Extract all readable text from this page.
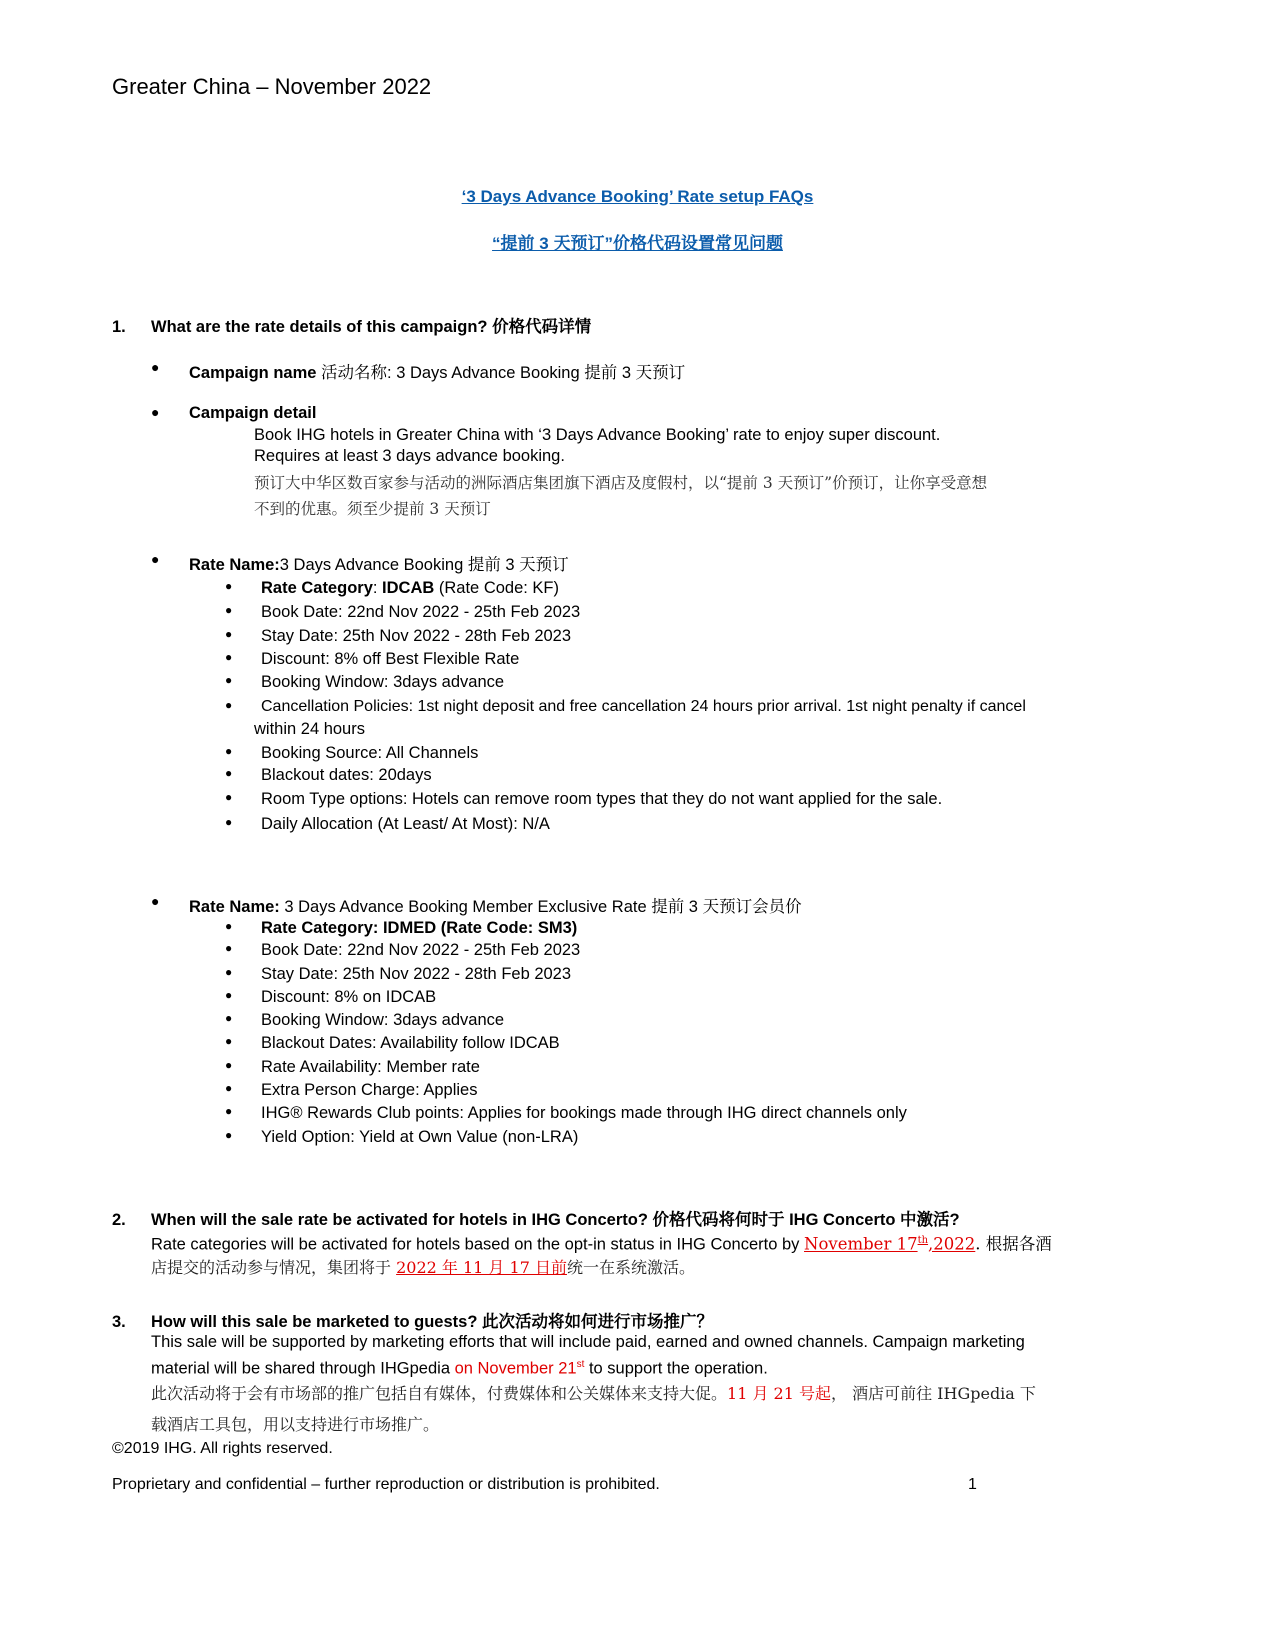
Greater China – November 2022
‘3 Days Advance Booking’ Rate setup FAQs
“提前 3 天预订”价格代码设置常见问题
1. What are the rate details of this campaign? 价格代码详情
● Campaign name 活动名称: 3 Days Advance Booking 提前 3 天预订
● Campaign detail
Book IHG hotels in Greater China with ‘3 Days Advance Booking’ rate to enjoy super discount.
Requires at least 3 days advance booking.
预订大中华区数百家参与活动的洲际酒店集团旗下酒店及度假村，以“提前 3 天预订”价预订，让你享受意想
不到的优惠。须至少提前 3 天预订
● Rate Name:3 Days Advance Booking 提前 3 天预订
● Rate Category: IDCAB (Rate Code: KF)
● Book Date: 22nd Nov 2022 - 25th Feb 2023
● Stay Date: 25th Nov 2022 - 28th Feb 2023
● Discount: 8% off Best Flexible Rate
● Booking Window: 3days advance
● Cancellation Policies: 1st night deposit and free cancellation 24 hours prior arrival. 1st night penalty if cancel
within 24 hours
● Booking Source: All Channels
● Blackout dates: 20days
● Room Type options: Hotels can remove room types that they do not want applied for the sale.
● Daily Allocation (At Least/ At Most): N/A
● Rate Name: 3 Days Advance Booking Member Exclusive Rate 提前 3 天预订会员价
● Rate Category: IDMED (Rate Code: SM3)
● Book Date: 22nd Nov 2022 - 25th Feb 2023
● Stay Date: 25th Nov 2022 - 28th Feb 2023
● Discount: 8% on IDCAB
● Booking Window: 3days advance
● Blackout Dates: Availability follow IDCAB
● Rate Availability: Member rate
● Extra Person Charge: Applies
● IHG® Rewards Club points: Applies for bookings made through IHG direct channels only
● Yield Option: Yield at Own Value (non-LRA)
2. When will the sale rate be activated for hotels in IHG Concerto? 价格代码将何时于 IHG Concerto 中激活?
Rate categories will be activated for hotels based on the opt-in status in IHG Concerto by November 17th,2022. 根据各酒
店提交的活动参与情况，集团将于 2022 年 11 月 17 日前统一在系统激活。
3. How will this sale be marketed to guests? 此次活动将如何进行市场推广？
This sale will be supported by marketing efforts that will include paid, earned and owned channels. Campaign marketing
material will be shared through IHGpedia on November 21st to support the operation.
此次活动将于会有市场部的推广包括自有媒体，付费媒体和公关媒体来支持大促。11 月 21 号起， 酒店可前往 IHGpedia 下
载酒店工具包，用以支持进行市场推广。
©2019 IHG. All rights reserved.
Proprietary and confidential – further reproduction or distribution is prohibited.	1
